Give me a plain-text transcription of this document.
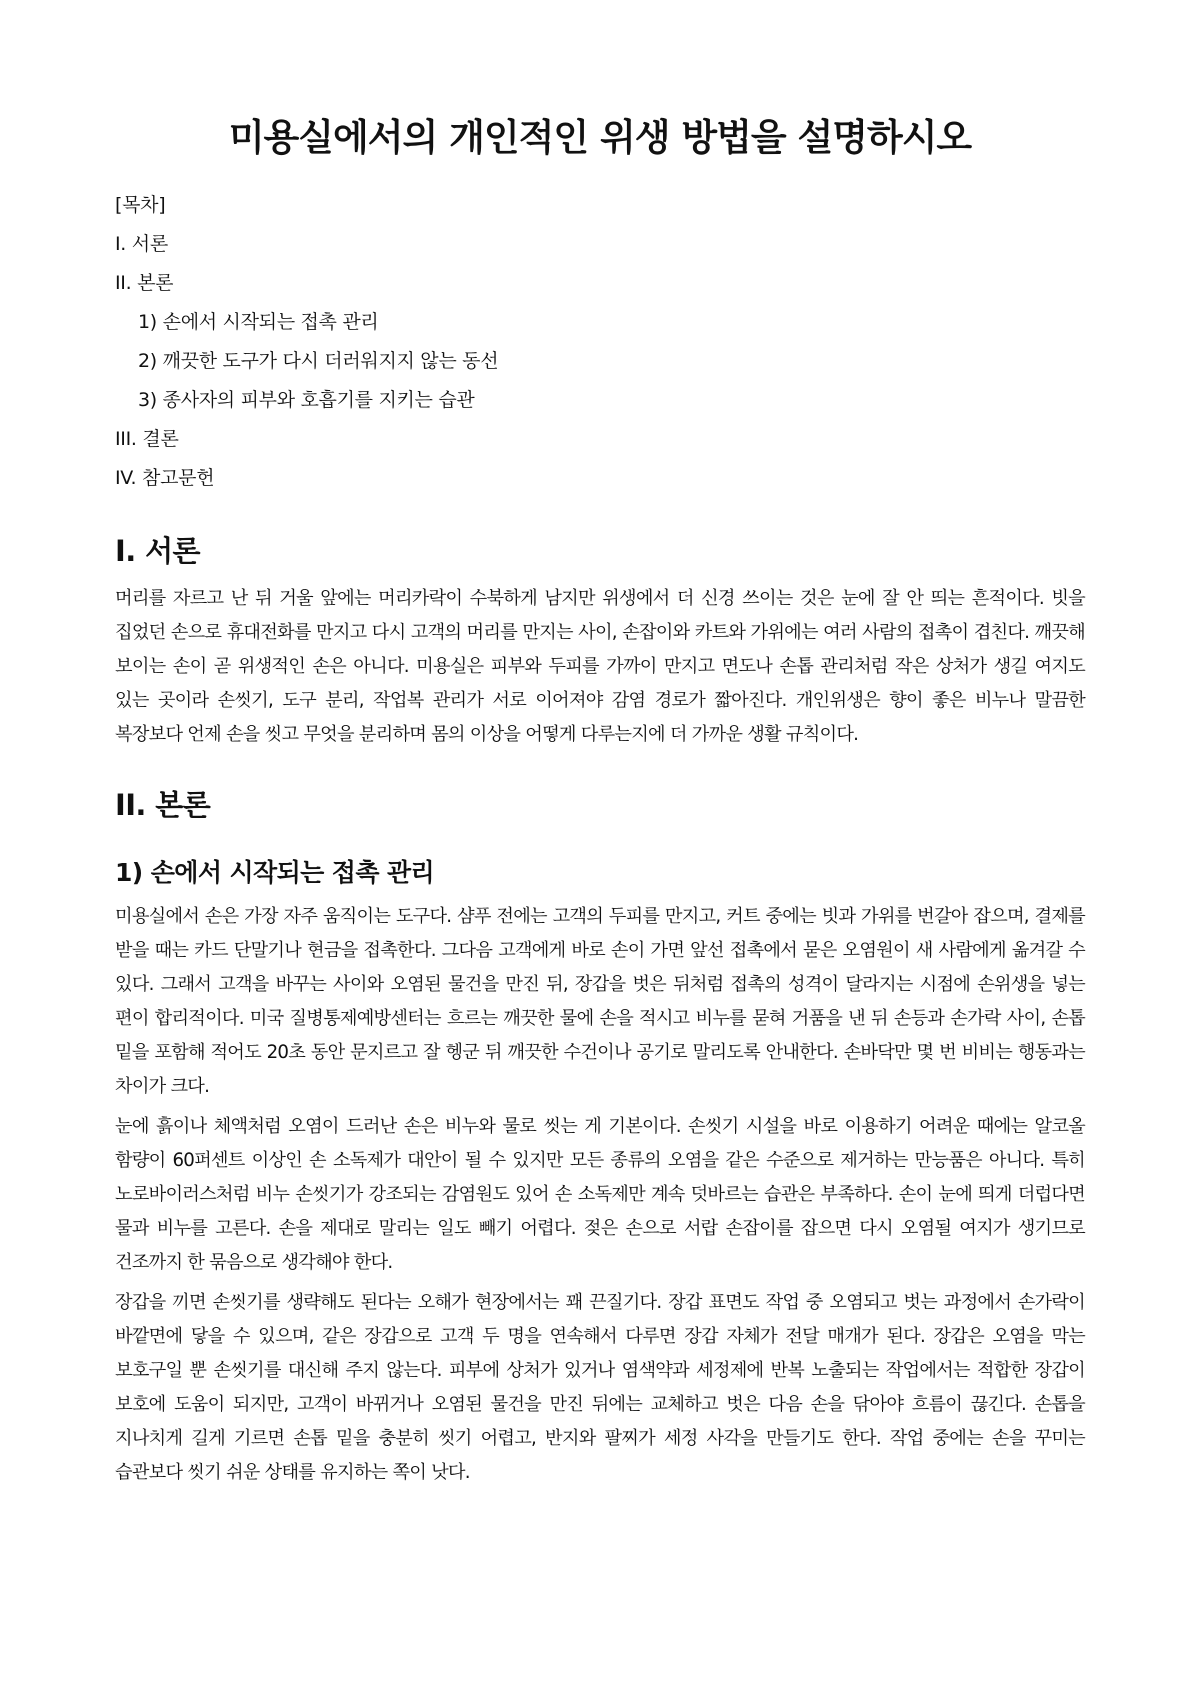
미용실에서의 개인적인 위생 방법을 설명하시오
[목차]
I. 서론
II. 본론
1) 손에서 시작되는 접촉 관리
2) 깨끗한 도구가 다시 더러워지지 않는 동선
3) 종사자의 피부와 호흡기를 지키는 습관
III. 결론
IV. 참고문헌
I. 서론

머리를 자르고 난 뒤 거울 앞에는 머리카락이 수북하게 남지만 위생에서 더 신경 쓰이는 것은 눈에 잘 안 띄는 흔적이다. 빗을 집었던 손으로 휴대전화를 만지고 다시 고객의 머리를 만지는 사이, 손잡이와 카트와 가위에는 여러 사람의 접촉이 겹친다. 깨끗해 보이는 손이 곧 위생적인 손은 아니다. 미용실은 피부와 두피를 가까이 만지고 면도나 손톱 관리처럼 작은 상처가 생길 여지도 있는 곳이라 손씻기, 도구 분리, 작업복 관리가 서로 이어져야 감염 경로가 짧아진다. 개인위생은 향이 좋은 비누나 말끔한 복장보다 언제 손을 씻고 무엇을 분리하며 몸의 이상을 어떻게 다루는지에 더 가까운 생활 규칙이다.

II. 본론
1) 손에서 시작되는 접촉 관리

미용실에서 손은 가장 자주 움직이는 도구다. 샴푸 전에는 고객의 두피를 만지고, 커트 중에는 빗과 가위를 번갈아 잡으며, 결제를 받을 때는 카드 단말기나 현금을 접촉한다. 그다음 고객에게 바로 손이 가면 앞선 접촉에서 묻은 오염원이 새 사람에게 옮겨갈 수 있다. 그래서 고객을 바꾸는 사이와 오염된 물건을 만진 뒤, 장갑을 벗은 뒤처럼 접촉의 성격이 달라지는 시점에 손위생을 넣는 편이 합리적이다. 미국 질병통제예방센터는 흐르는 깨끗한 물에 손을 적시고 비누를 묻혀 거품을 낸 뒤 손등과 손가락 사이, 손톱 밑을 포함해 적어도 20초 동안 문지르고 잘 헹군 뒤 깨끗한 수건이나 공기로 말리도록 안내한다. 손바닥만 몇 번 비비는 행동과는 차이가 크다.

눈에 흙이나 체액처럼 오염이 드러난 손은 비누와 물로 씻는 게 기본이다. 손씻기 시설을 바로 이용하기 어려운 때에는 알코올 함량이 60퍼센트 이상인 손 소독제가 대안이 될 수 있지만 모든 종류의 오염을 같은 수준으로 제거하는 만능품은 아니다. 특히 노로바이러스처럼 비누 손씻기가 강조되는 감염원도 있어 손 소독제만 계속 덧바르는 습관은 부족하다. 손이 눈에 띄게 더럽다면 물과 비누를 고른다. 손을 제대로 말리는 일도 빼기 어렵다. 젖은 손으로 서랍 손잡이를 잡으면 다시 오염될 여지가 생기므로 건조까지 한 묶음으로 생각해야 한다.

장갑을 끼면 손씻기를 생략해도 된다는 오해가 현장에서는 꽤 끈질기다. 장갑 표면도 작업 중 오염되고 벗는 과정에서 손가락이 바깥면에 닿을 수 있으며, 같은 장갑으로 고객 두 명을 연속해서 다루면 장갑 자체가 전달 매개가 된다. 장갑은 오염을 막는 보호구일 뿐 손씻기를 대신해 주지 않는다. 피부에 상처가 있거나 염색약과 세정제에 반복 노출되는 작업에서는 적합한 장갑이 보호에 도움이 되지만, 고객이 바뀌거나 오염된 물건을 만진 뒤에는 교체하고 벗은 다음 손을 닦아야 흐름이 끊긴다. 손톱을 지나치게 길게 기르면 손톱 밑을 충분히 씻기 어렵고, 반지와 팔찌가 세정 사각을 만들기도 한다. 작업 중에는 손을 꾸미는 습관보다 씻기 쉬운 상태를 유지하는 쪽이 낫다.
